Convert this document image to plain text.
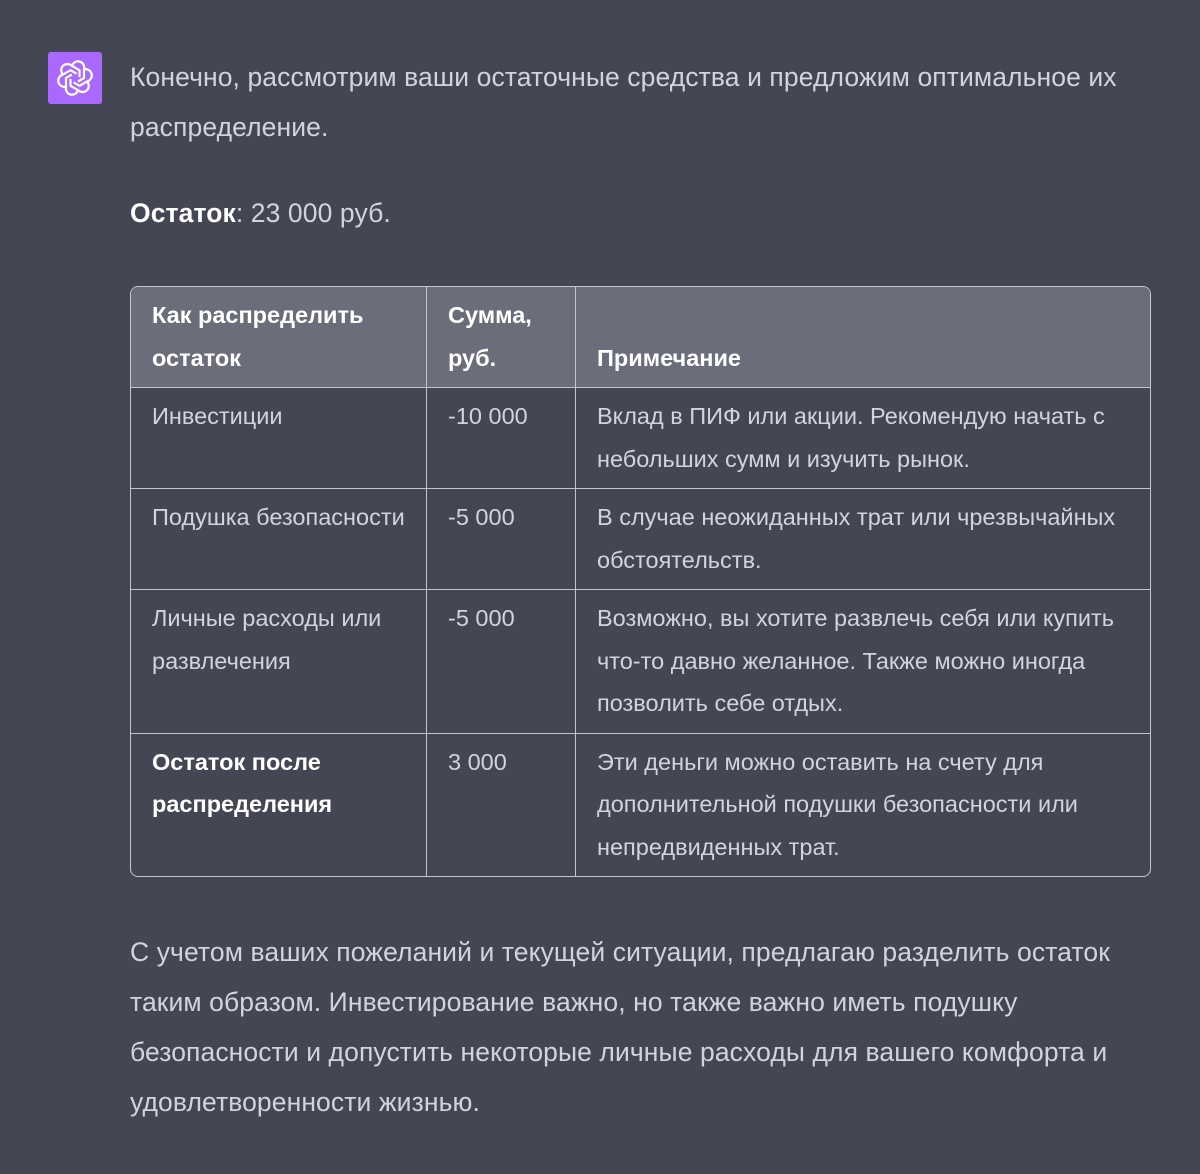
Конечно, рассмотрим ваши остаточные средства и предложим оптимальное их распределение.

Остаток: 23 000 руб.

Как распределить остаток	Сумма, руб.	Примечание
Инвестиции	-10 000	Вклад в ПИФ или акции. Рекомендую начать с небольших сумм и изучить рынок.
Подушка безопасности	-5 000	В случае неожиданных трат или чрезвычайных обстоятельств.
Личные расходы или развлечения	-5 000	Возможно, вы хотите развлечь себя или купить что-то давно желанное. Также можно иногда позволить себе отдых.
Остаток после распределения	3 000	Эти деньги можно оставить на счету для дополнительной подушки безопасности или непредвиденных трат.

С учетом ваших пожеланий и текущей ситуации, предлагаю разделить остаток таким образом. Инвестирование важно, но также важно иметь подушку безопасности и допустить некоторые личные расходы для вашего комфорта и удовлетворенности жизнью.
